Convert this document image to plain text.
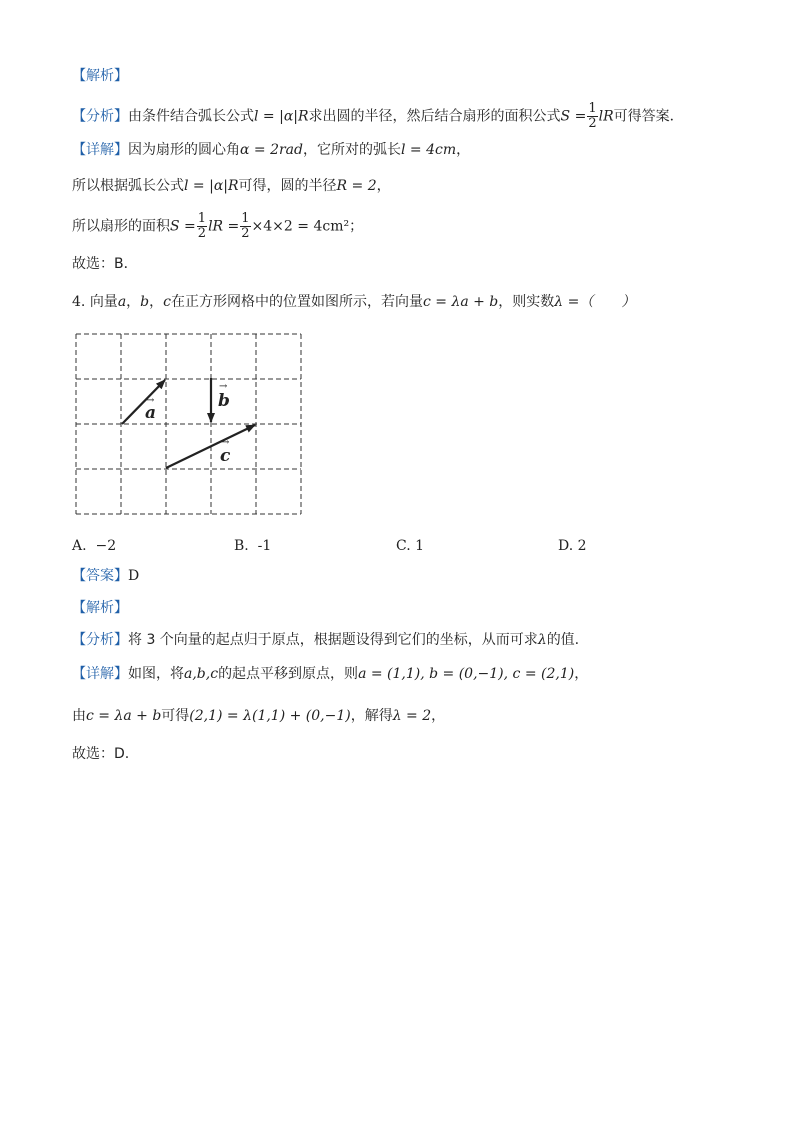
【解析】
【分析】由条件结合弧长公式l = |α|R求出圆的半径，然后结合扇形的面积公式$S = \frac{1}{2}$ lR可得答案．
【详解】因为扇形的圆心角α = 2rad，它所对的弧长l = 4cm，
所以根据弧长公式l = |α|R可得，圆的半径R = 2，
所以扇形的面积$S = \frac{1}{2}$ lR = $\frac{1}{2} \times 4\times 2 = 4cm^2$；
故选：B．
4. 向量a，b，c在正方形网格中的位置如图所示，若向量c = λa + b，则实数λ =（　　）
a
→	b
→
c
→
A. −2	B. -1	C. 1	D. 2
【答案】D
【解析】
【分析】将 3 个向量的起点归于原点，根据题设得到它们的坐标，从而可求λ的值.
【详解】如图，将a,b,c的起点平移到原点，则a = (1,1), b = (0,−1), c = (2,1)，
由c = λa + b可得(2,1) = λ(1,1) + (0,−1)，解得λ = 2，
故选：D.
